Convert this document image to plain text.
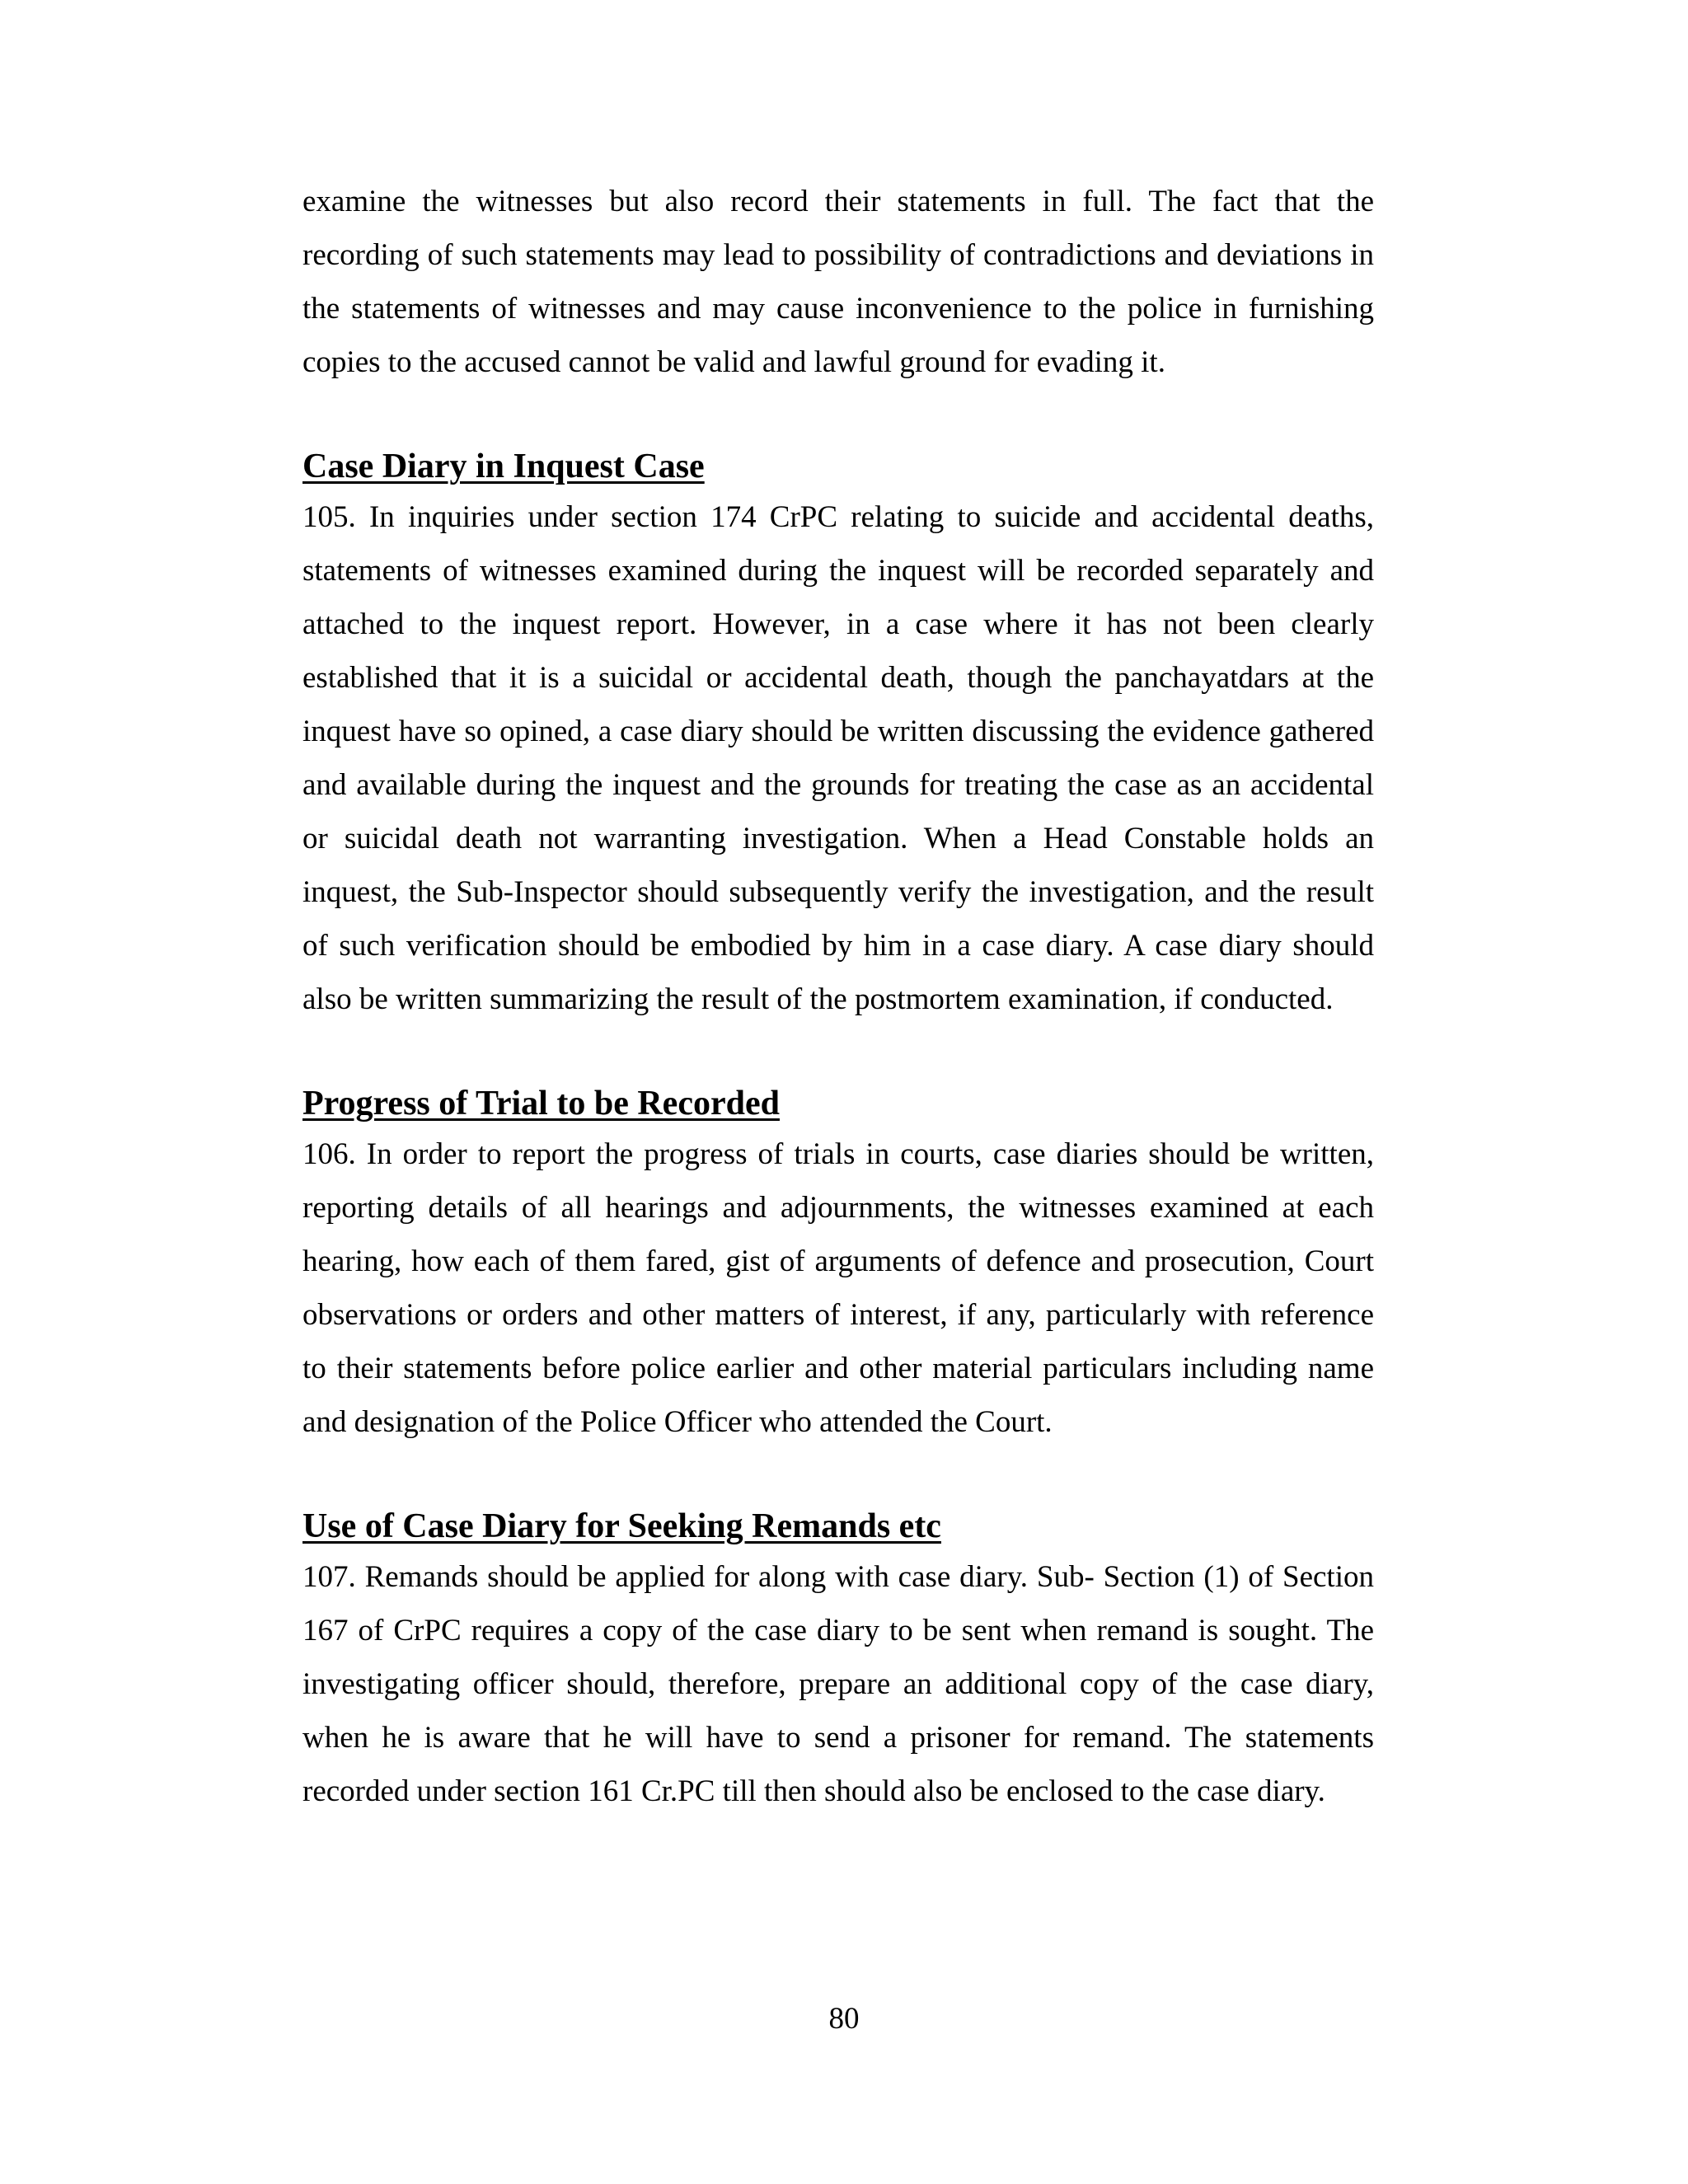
examine the witnesses but also record their statements in full. The fact that the recording of such statements may lead to possibility of contradictions and deviations in the statements of witnesses and may cause inconvenience to the police in furnishing copies to the accused cannot be valid and lawful ground for evading it.

Case Diary in Inquest Case

105. In inquiries under section 174 CrPC relating to suicide and accidental deaths, statements of witnesses examined during the inquest will be recorded separately and attached to the inquest report. However, in a case where it has not been clearly established that it is a suicidal or accidental death, though the panchayatdars at the inquest have so opined, a case diary should be written discussing the evidence gathered and available during the inquest and the grounds for treating the case as an accidental or suicidal death not warranting investigation. When a Head Constable holds an inquest, the Sub-Inspector should subsequently verify the investigation, and the result of such verification should be embodied by him in a case diary. A case diary should also be written summarizing the result of the postmortem examination, if conducted.

Progress of Trial to be Recorded

106. In order to report the progress of trials in courts, case diaries should be written, reporting details of all hearings and adjournments, the witnesses examined at each hearing, how each of them fared, gist of arguments of defence and prosecution, Court observations or orders and other matters of interest, if any, particularly with reference to their statements before police earlier and other material particulars including name and designation of the Police Officer who attended the Court.

Use of Case Diary for Seeking Remands etc

107. Remands should be applied for along with case diary. Sub- Section (1) of Section 167 of CrPC requires a copy of the case diary to be sent when remand is sought. The investigating officer should, therefore, prepare an additional copy of the case diary, when he is aware that he will have to send a prisoner for remand. The statements recorded under section 161 Cr.PC till then should also be enclosed to the case diary.

80
